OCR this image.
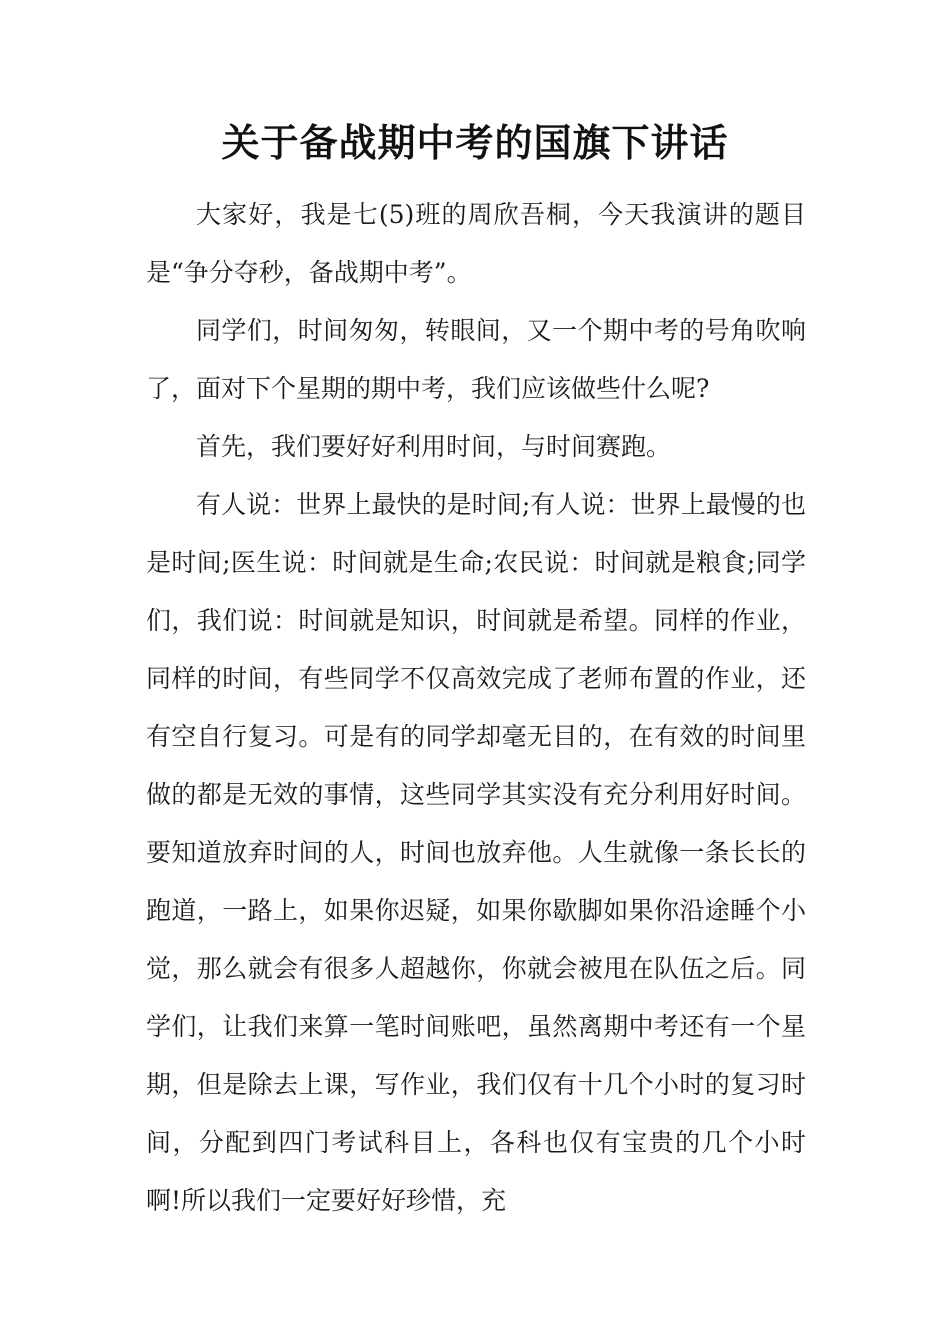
关于备战期中考的国旗下讲话

大家好，我是七(5)班的周欣吾桐，今天我演讲的题目是“争分夺秒，备战期中考”。

同学们，时间匆匆，转眼间，又一个期中考的号角吹响了，面对下个星期的期中考，我们应该做些什么呢?

首先，我们要好好利用时间，与时间赛跑。

有人说：世界上最快的是时间;有人说：世界上最慢的也是时间;医生说：时间就是生命;农民说：时间就是粮食;同学们，我们说：时间就是知识，时间就是希望。同样的作业，同样的时间，有些同学不仅高效完成了老师布置的作业，还有空自行复习。可是有的同学却毫无目的，在有效的时间里做的都是无效的事情，这些同学其实没有充分利用好时间。要知道放弃时间的人，时间也放弃他。人生就像一条长长的跑道，一路上，如果你迟疑，如果你歇脚如果你沿途睡个小觉，那么就会有很多人超越你，你就会被甩在队伍之后。同学们，让我们来算一笔时间账吧，虽然离期中考还有一个星期，但是除去上课，写作业，我们仅有十几个小时的复习时间，分配到四门考试科目上，各科也仅有宝贵的几个小时啊!所以我们一定要好好珍惜，充
